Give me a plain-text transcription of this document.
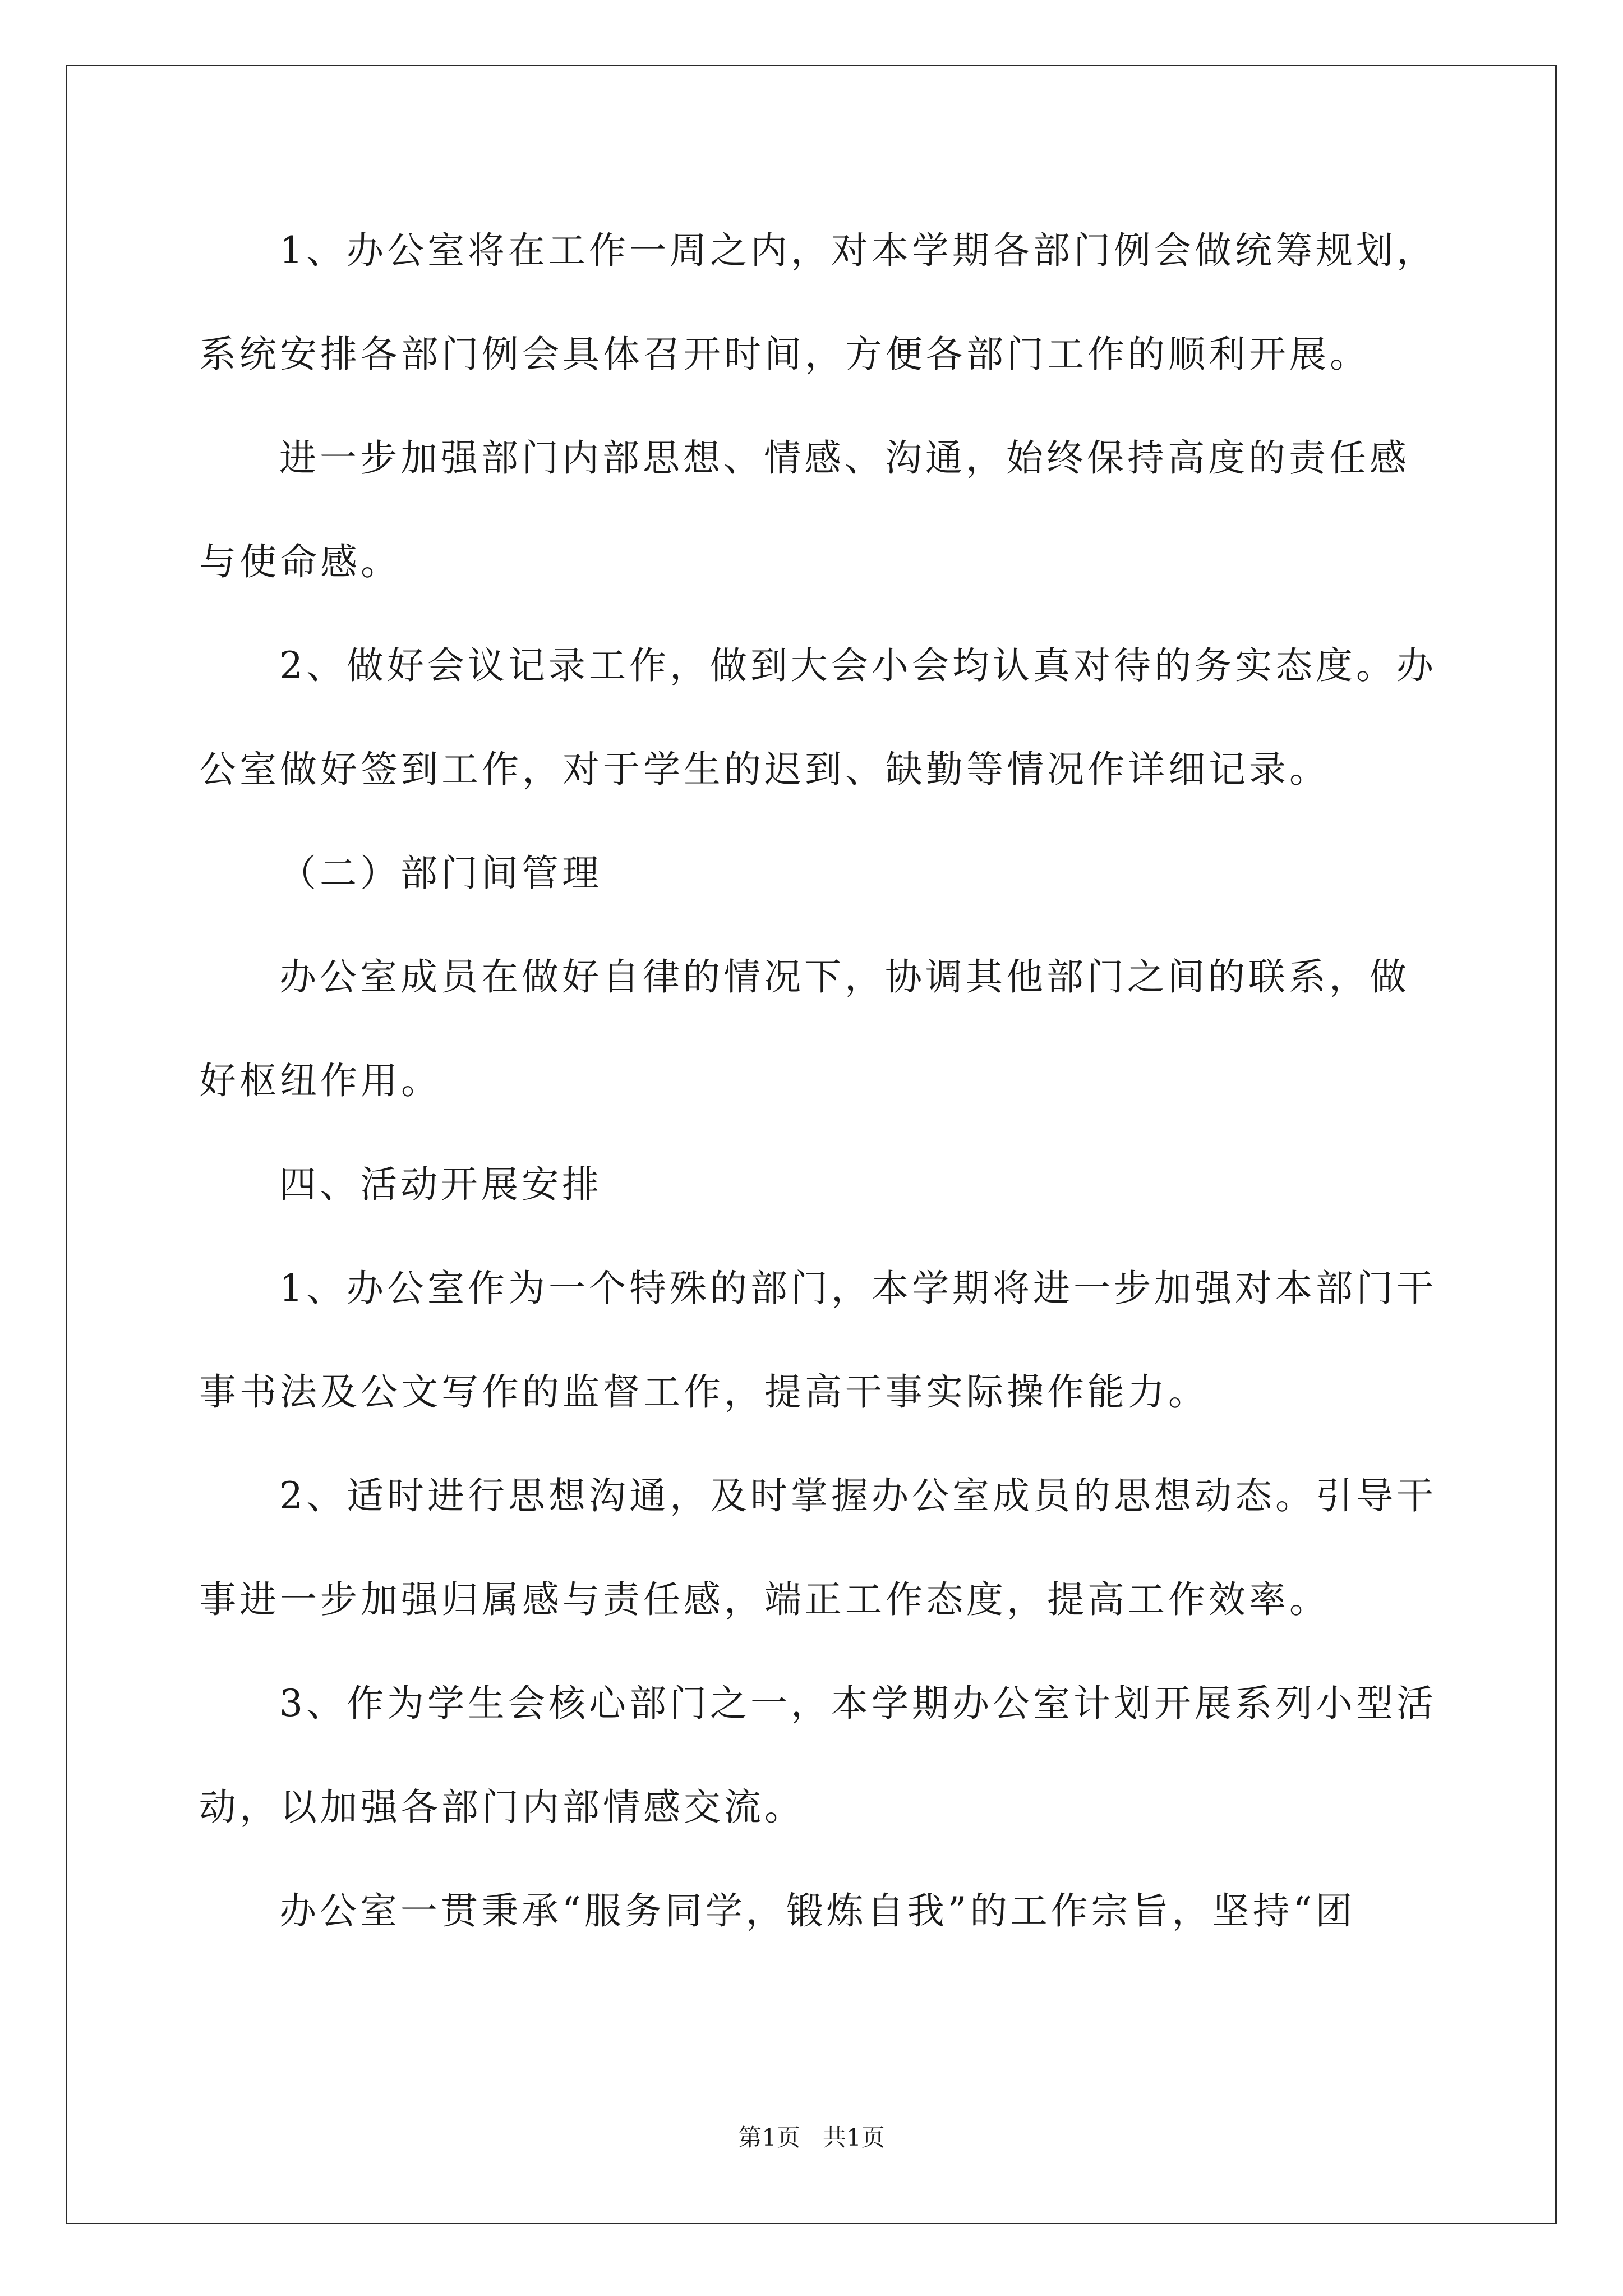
1、办公室将在工作一周之内，对本学期各部门例会做统筹规划，

系统安排各部门例会具体召开时间，方便各部门工作的顺利开展。

进一步加强部门内部思想、情感、沟通，始终保持高度的责任感

与使命感。

2、做好会议记录工作，做到大会小会均认真对待的务实态度。办

公室做好签到工作，对于学生的迟到、缺勤等情况作详细记录。

（二）部门间管理

办公室成员在做好自律的情况下，协调其他部门之间的联系，做

好枢纽作用。

四、活动开展安排

1、办公室作为一个特殊的部门，本学期将进一步加强对本部门干

事书法及公文写作的监督工作，提高干事实际操作能力。

2、适时进行思想沟通，及时掌握办公室成员的思想动态。引导干

事进一步加强归属感与责任感，端正工作态度，提高工作效率。

3、作为学生会核心部门之一，本学期办公室计划开展系列小型活

动，以加强各部门内部情感交流。

办公室一贯秉承“服务同学，锻炼自我”的工作宗旨，坚持“团

第1页   共1页
